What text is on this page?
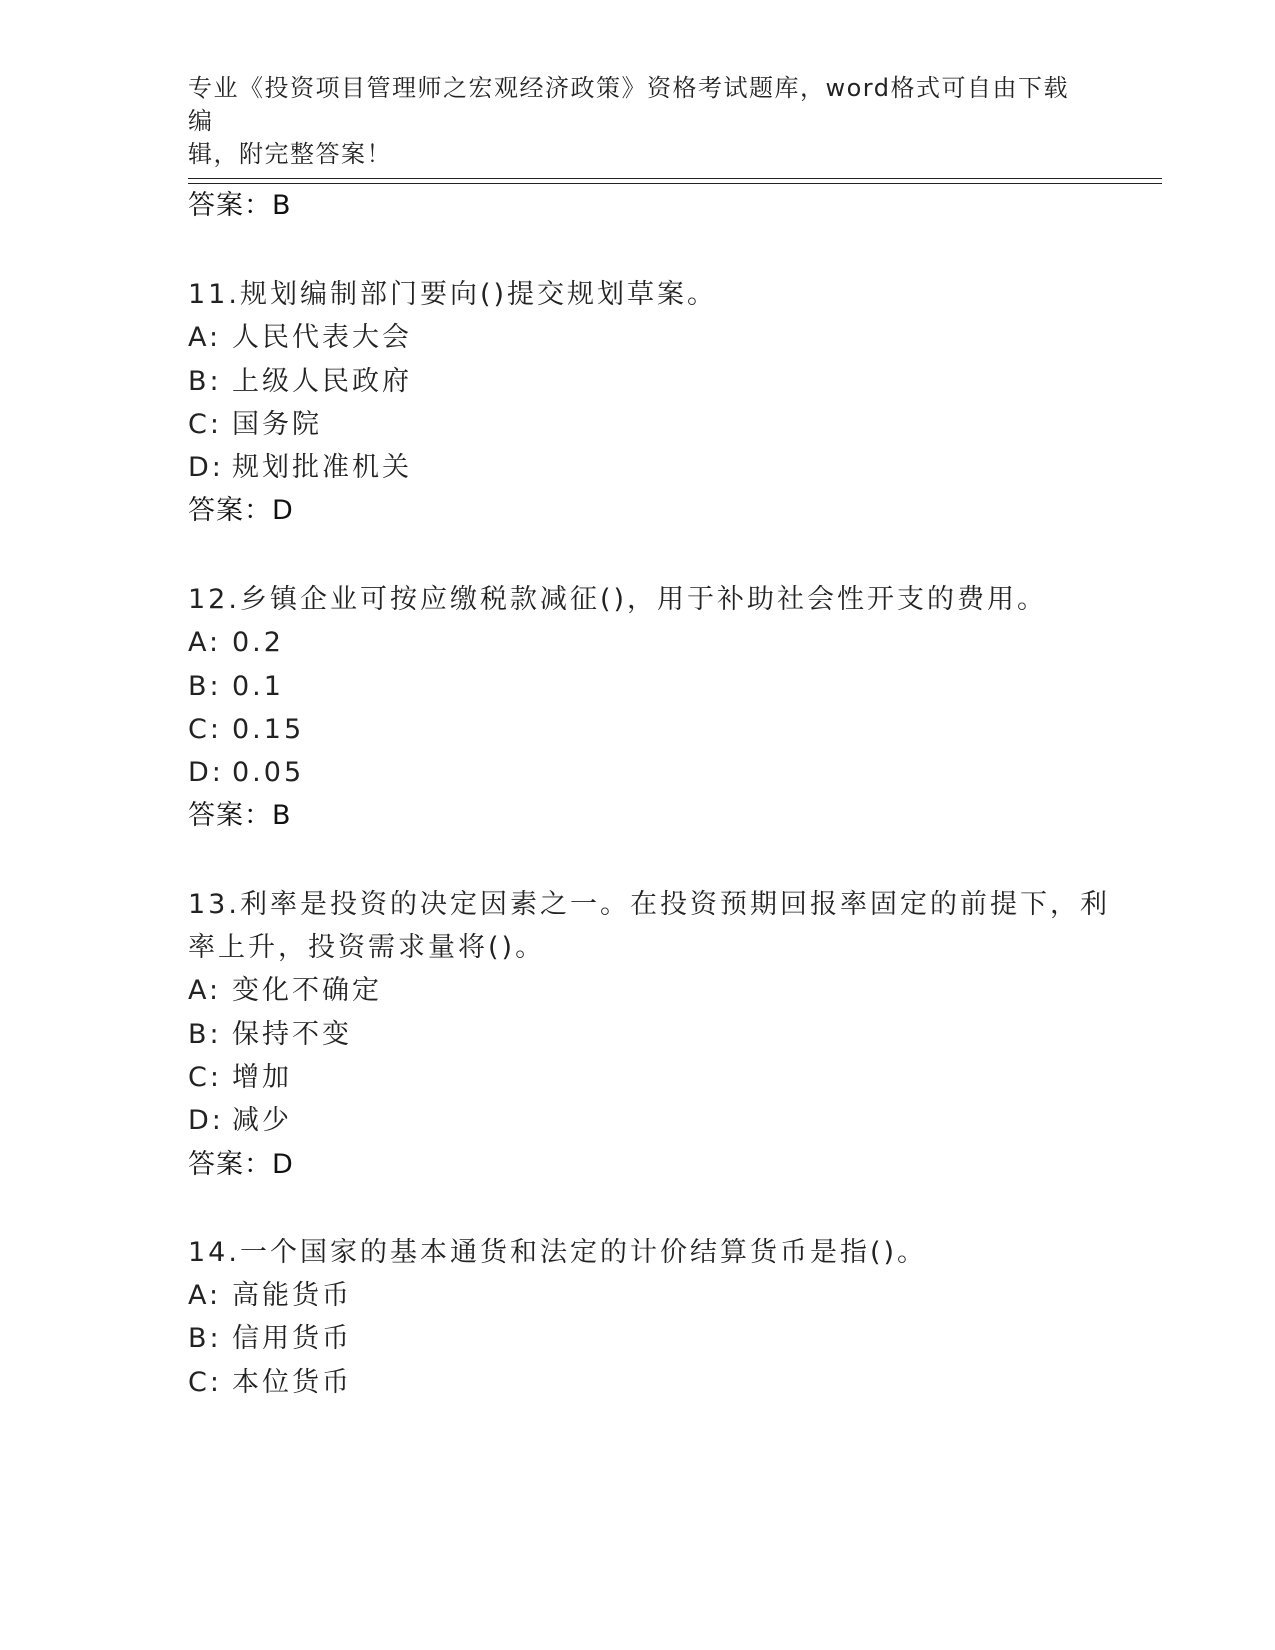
专业《投资项目管理师之宏观经济政策》资格考试题库，word格式可自由下载编
辑，附完整答案！
答案：B
11.规划编制部门要向()提交规划草案。
A: 人民代表大会
B: 上级人民政府
C: 国务院
D: 规划批准机关
答案：D
12.乡镇企业可按应缴税款减征()，用于补助社会性开支的费用。
A: 0.2
B: 0.1
C: 0.15
D: 0.05
答案：B
13.利率是投资的决定因素之一。在投资预期回报率固定的前提下，利
率上升，投资需求量将()。
A: 变化不确定
B: 保持不变
C: 增加
D: 减少
答案：D
14.一个国家的基本通货和法定的计价结算货币是指()。
A: 高能货币
B: 信用货币
C: 本位货币
